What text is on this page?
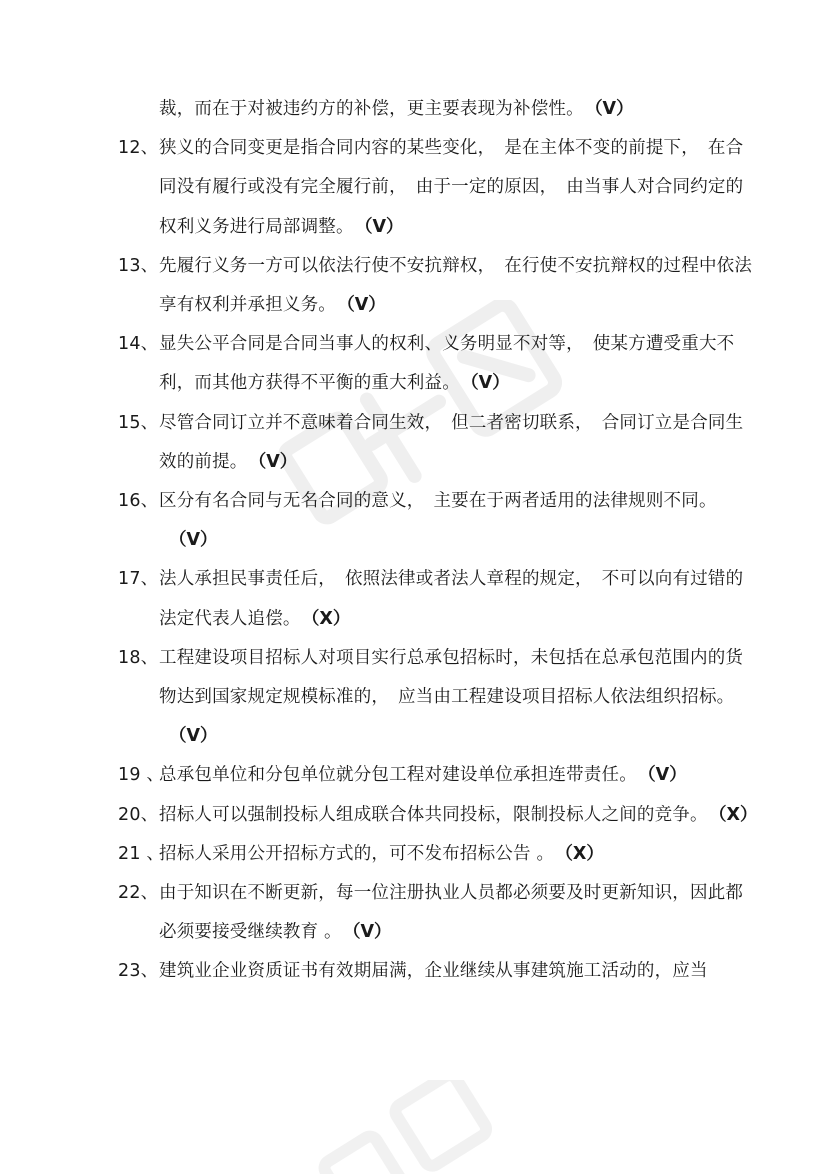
裁，而在于对被违约方的补偿，更主要表现为补偿性。 （V）
12、 狭义的合同变更是指合同内容的某些变化，　是在主体不变的前提下，　在合同没有履行或没有完全履行前，　由于一定的原因，　由当事人对合同约定的权利义务进行局部调整。 （V）
13、 先履行义务一方可以依法行使不安抗辩权，　在行使不安抗辩权的过程中依法享有权利并承担义务。 （V）
14、 显失公平合同是合同当事人的权利、义务明显不对等，　使某方遭受重大不利，而其他方获得不平衡的重大利益。 （V）
15、 尽管合同订立并不意味着合同生效，　但二者密切联系，　合同订立是合同生效的前提。 （V）
16、 区分有名合同与无名合同的意义，　主要在于两者适用的法律规则不同。（V）
17、 法人承担民事责任后，　依照法律或者法人章程的规定，　不可以向有过错的法定代表人追偿。 （X）
18、 工程建设项目招标人对项目实行总承包招标时，未包括在总承包范围内的货物达到国家规定规模标准的，　应当由工程建设项目招标人依法组织招标。（V）
19 、
总承包单位和分包单位就分包工程对建设单位承担连带责任。 （V）
20、 招标人可以强制投标人组成联合体共同投标，限制投标人之间的竞争。 （X）
21 、
招标人采用公开招标方式的，可不发布招标公告 。 （X）
22、 由于知识在不断更新，每一位注册执业人员都必须要及时更新知识，因此都必须要接受继续教育 。 （V）
23、 建筑业企业资质证书有效期届满，企业继续从事建筑施工活动的，应当
